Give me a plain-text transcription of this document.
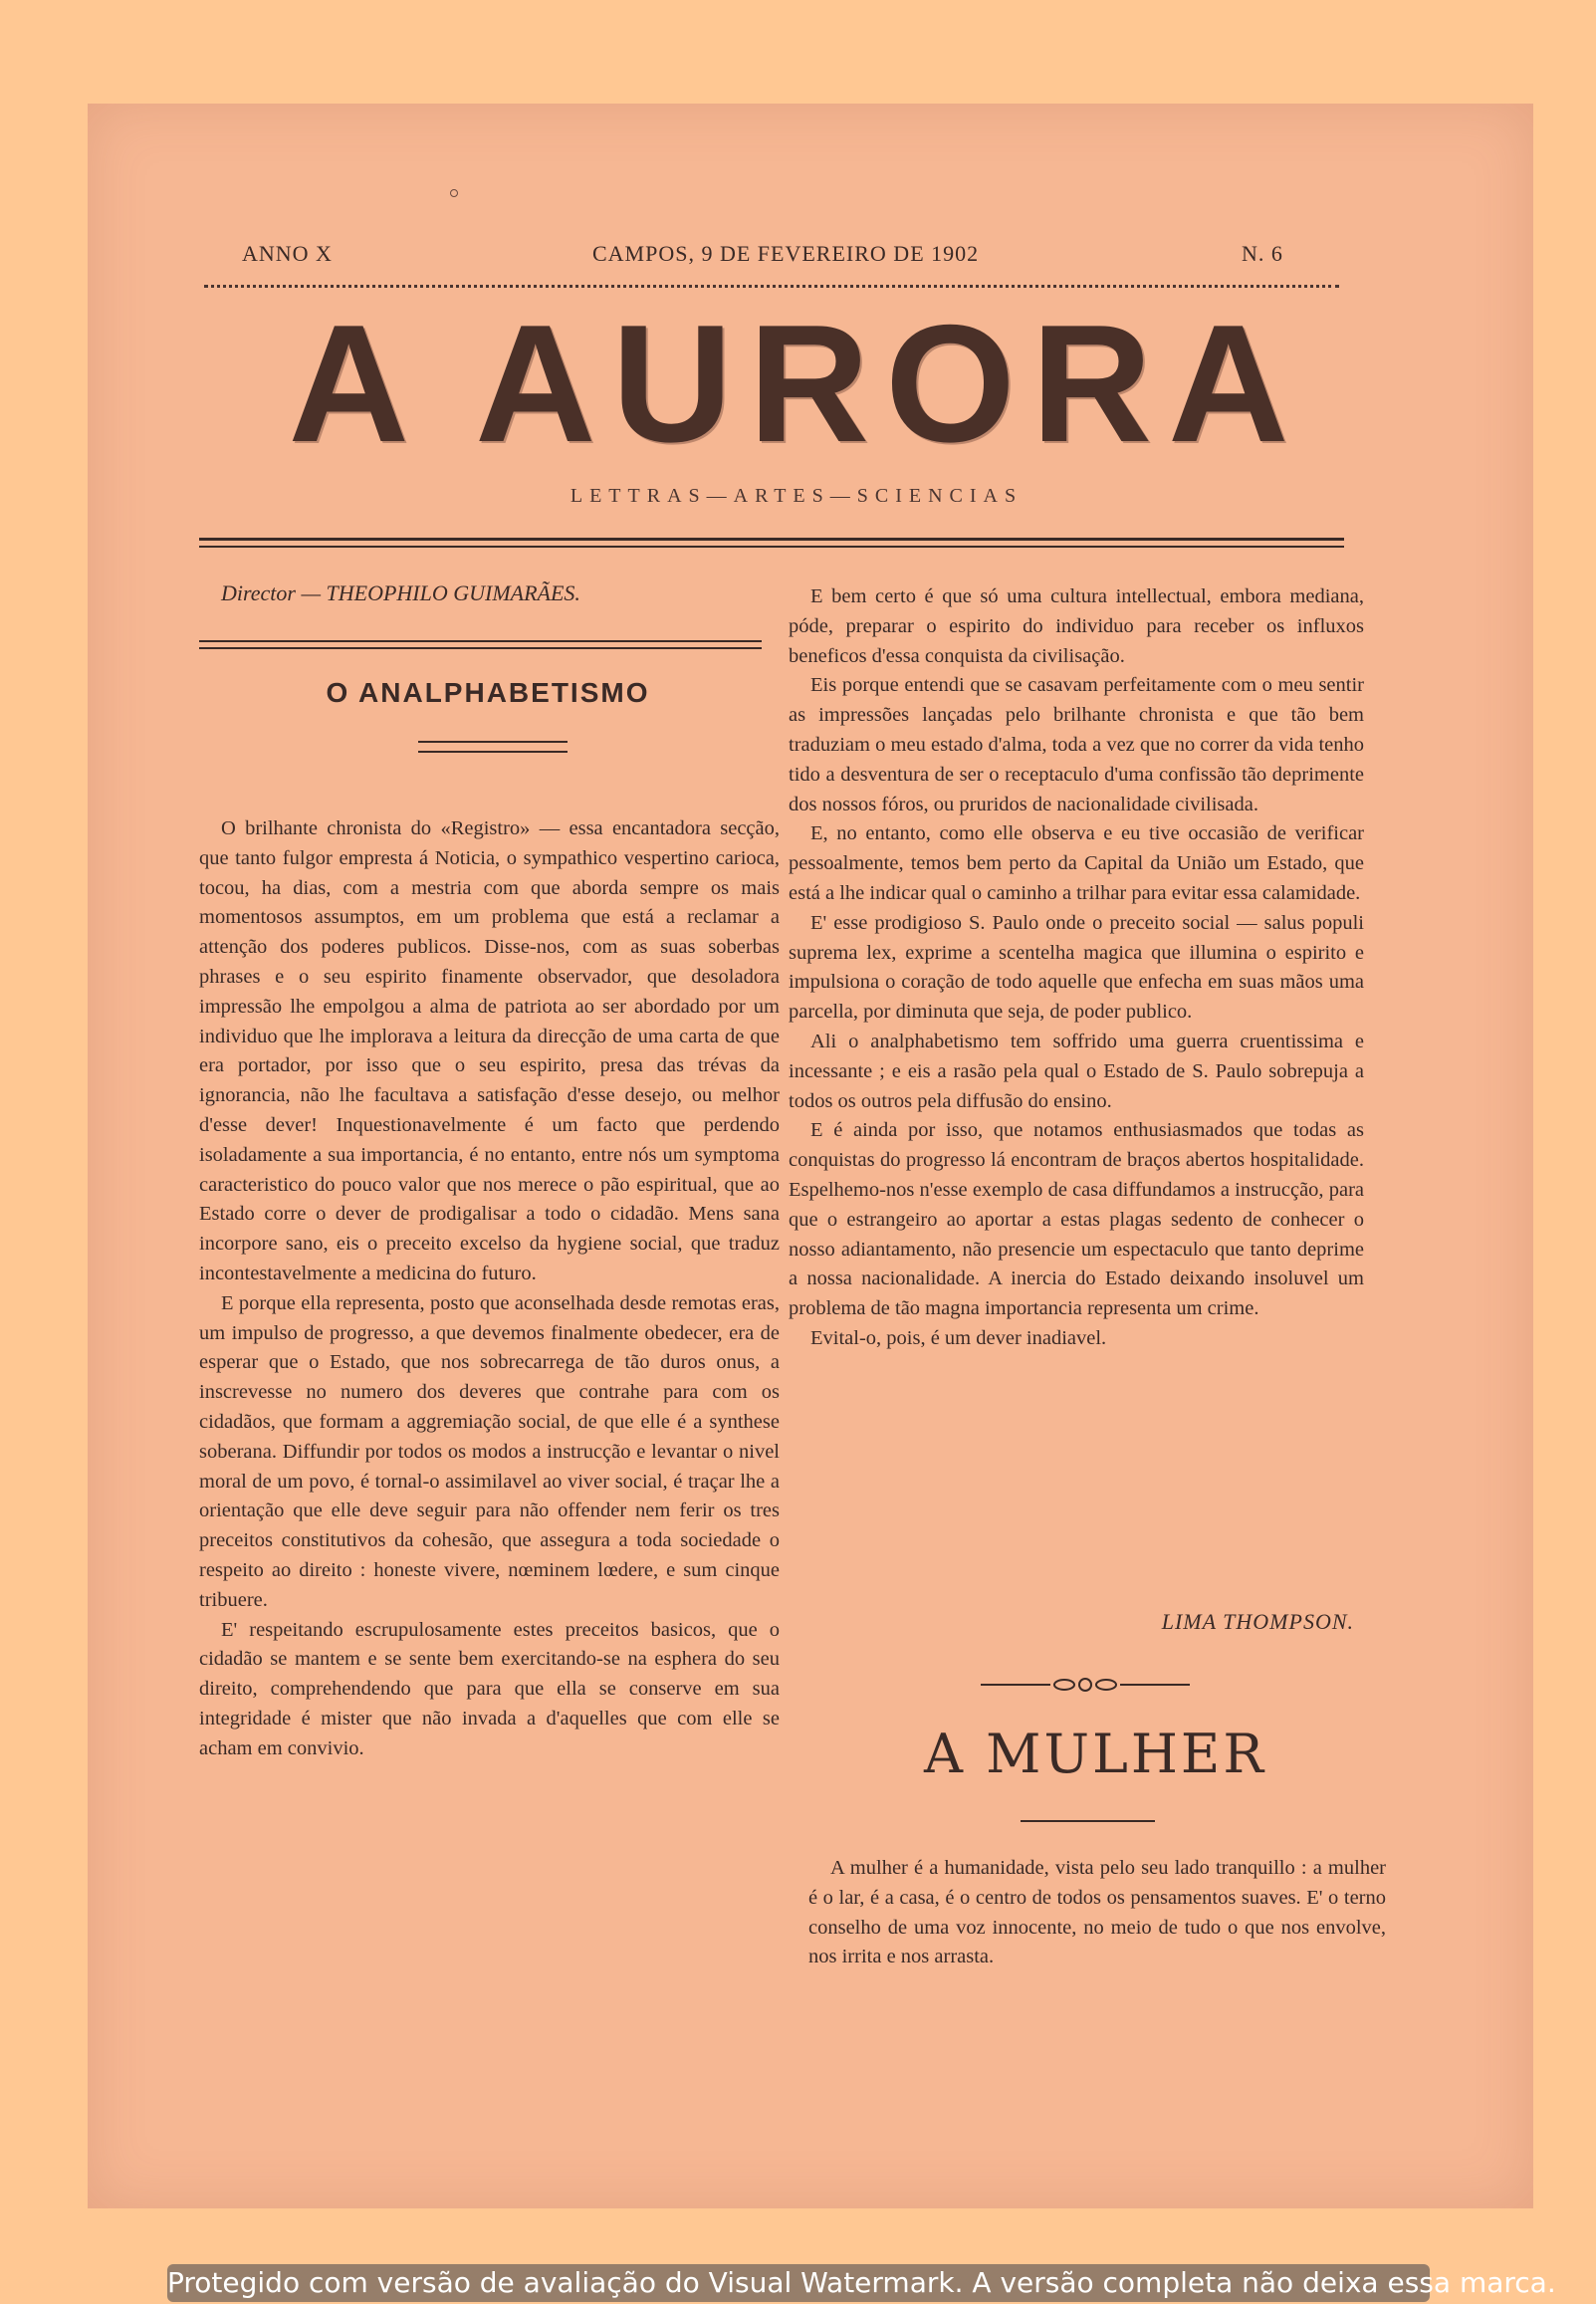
ANNO X	CAMPOS, 9 DE FEVEREIRO DE 1902	N. 6
A AURORA
LETTRAS—ARTES—SCIENCIAS
Director — THEOPHILO GUIMARÃES.
O ANALPHABETISMO

O brilhante chronista do «Registro» — essa encantadora secção, que tanto fulgor empresta á Noticia, o sympathico vespertino carioca, tocou, ha dias, com a mestria com que aborda sempre os mais momentosos assumptos, em um problema que está a reclamar a attenção dos poderes publicos. Disse-nos, com as suas soberbas phrases e o seu espirito finamente observador, que desoladora impressão lhe empolgou a alma de patriota ao ser abordado por um individuo que lhe implorava a leitura da direcção de uma carta de que era portador, por isso que o seu espirito, presa das trévas da ignorancia, não lhe facultava a satisfação d'esse desejo, ou melhor d'esse dever! Inquestionavelmente é um facto que perdendo isoladamente a sua importancia, é no entanto, entre nós um symptoma caracteristico do pouco valor que nos merece o pão espiritual, que ao Estado corre o dever de prodigalisar a todo o cidadão. Mens sana incorpore sano, eis o preceito excelso da hygiene social, que traduz incontestavelmente a medicina do futuro.

E porque ella representa, posto que aconselhada desde remotas eras, um impulso de progresso, a que devemos finalmente obedecer, era de esperar que o Estado, que nos sobrecarrega de tão duros onus, a inscrevesse no numero dos deveres que contrahe para com os cidadãos, que formam a aggremiação social, de que elle é a synthese soberana. Diffundir por todos os modos a instrucção e levantar o nivel moral de um povo, é tornal-o assimilavel ao viver social, é traçar lhe a orientação que elle deve seguir para não offender nem ferir os tres preceitos constitutivos da cohesão, que assegura a toda sociedade o respeito ao direito : honeste vivere, nœminem lœdere, e sum cinque tribuere.

E' respeitando escrupulosamente estes preceitos basicos, que o cidadão se mantem e se sente bem exercitando-se na esphera do seu direito, comprehendendo que para que ella se conserve em sua integridade é mister que não invada a d'aquelles que com elle se acham em convivio.

E bem certo é que só uma cultura intellectual, embora mediana, póde, preparar o espirito do individuo para receber os influxos beneficos d'essa conquista da civilisação.

Eis porque entendi que se casavam perfeitamente com o meu sentir as impressões lançadas pelo brilhante chronista e que tão bem traduziam o meu estado d'alma, toda a vez que no correr da vida tenho tido a desventura de ser o receptaculo d'uma confissão tão deprimente dos nossos fóros, ou pruridos de nacionalidade civilisada.

E, no entanto, como elle observa e eu tive occasião de verificar pessoalmente, temos bem perto da Capital da União um Estado, que está a lhe indicar qual o caminho a trilhar para evitar essa calamidade.

E' esse prodigioso S. Paulo onde o preceito social — salus populi suprema lex, exprime a scentelha magica que illumina o espirito e impulsiona o coração de todo aquelle que enfecha em suas mãos uma parcella, por diminuta que seja, de poder publico.

Ali o analphabetismo tem soffrido uma guerra cruentissima e incessante ; e eis a rasão pela qual o Estado de S. Paulo sobrepuja a todos os outros pela diffusão do ensino.

E é ainda por isso, que notamos enthusiasmados que todas as conquistas do progresso lá encontram de braços abertos hospitalidade. Espelhemo-nos n'esse exemplo de casa diffundamos a instrucção, para que o estrangeiro ao aportar a estas plagas sedento de conhecer o nosso adiantamento, não presencie um espectaculo que tanto deprime a nossa nacionalidade. A inercia do Estado deixando insoluvel um problema de tão magna importancia representa um crime.

Evital-o, pois, é um dever inadiavel.

LIMA THOMPSON.
A MULHER

A mulher é a humanidade, vista pelo seu lado tranquillo : a mulher é o lar, é a casa, é o centro de todos os pensamentos suaves. E' o terno conselho de uma voz innocente, no meio de tudo o que nos envolve, nos irrita e nos arrasta.

Protegido com versão de avaliação do Visual Watermark. A versão completa não deixa essa marca.
